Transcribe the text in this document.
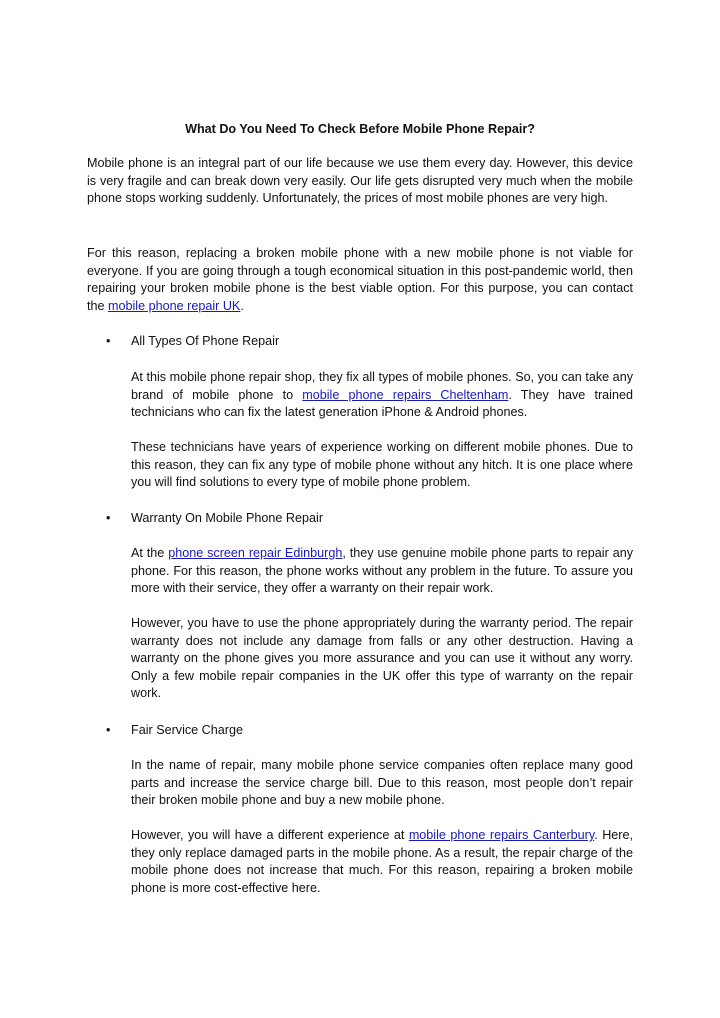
What Do You Need To Check Before Mobile Phone Repair?

Mobile phone is an integral part of our life because we use them every day. However, this device is very fragile and can break down very easily. Our life gets disrupted very much when the mobile phone stops working suddenly. Unfortunately, the prices of most mobile phones are very high.

For this reason, replacing a broken mobile phone with a new mobile phone is not viable for everyone. If you are going through a tough economical situation in this post-pandemic world, then repairing your broken mobile phone is the best viable option. For this purpose, you can contact the mobile phone repair UK.

• All Types Of Phone Repair

At this mobile phone repair shop, they fix all types of mobile phones. So, you can take any brand of mobile phone to mobile phone repairs Cheltenham. They have trained technicians who can fix the latest generation iPhone & Android phones.

These technicians have years of experience working on different mobile phones. Due to this reason, they can fix any type of mobile phone without any hitch. It is one place where you will find solutions to every type of mobile phone problem.

• Warranty On Mobile Phone Repair

At the phone screen repair Edinburgh, they use genuine mobile phone parts to repair any phone. For this reason, the phone works without any problem in the future. To assure you more with their service, they offer a warranty on their repair work.

However, you have to use the phone appropriately during the warranty period. The repair warranty does not include any damage from falls or any other destruction. Having a warranty on the phone gives you more assurance and you can use it without any worry. Only a few mobile repair companies in the UK offer this type of warranty on the repair work.

• Fair Service Charge

In the name of repair, many mobile phone service companies often replace many good parts and increase the service charge bill. Due to this reason, most people don’t repair their broken mobile phone and buy a new mobile phone.

However, you will have a different experience at mobile phone repairs Canterbury. Here, they only replace damaged parts in the mobile phone. As a result, the repair charge of the mobile phone does not increase that much. For this reason, repairing a broken mobile phone is more cost-effective here.
